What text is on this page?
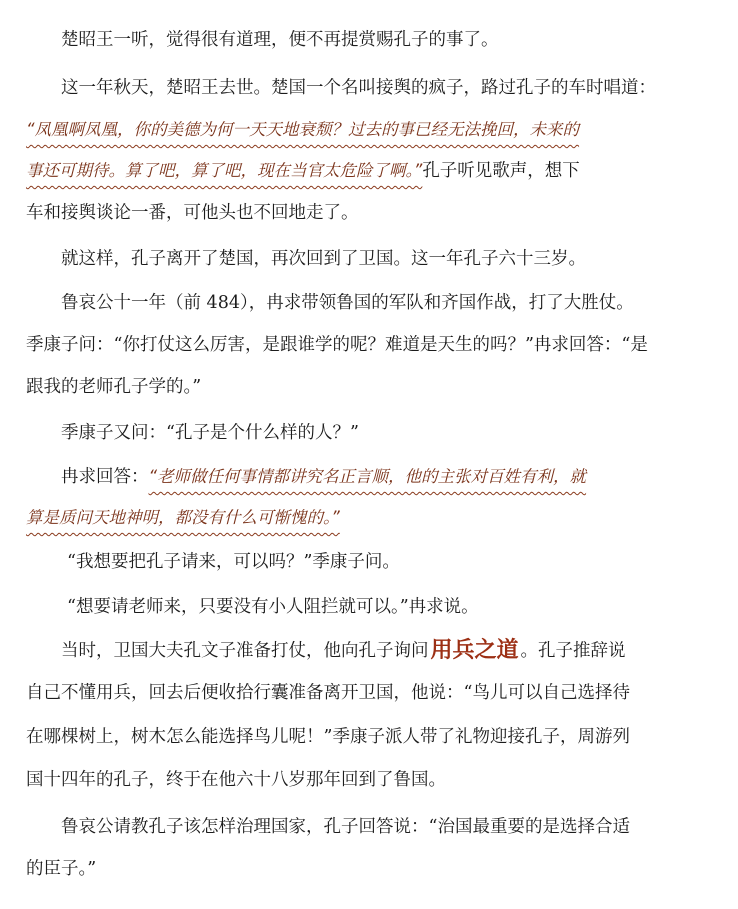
楚昭王一听，觉得很有道理，便不再提赏赐孔子的事了。
这一年秋天，楚昭王去世。楚国一个名叫接舆的疯子，路过孔子的车时唱道：
“凤凰啊凤凰，你的美德为何一天天地衰颓？过去的事已经无法挽回，未来的
事还可期待。算了吧，算了吧，现在当官太危险了啊。”孔子听见歌声，想下
车和接舆谈论一番，可他头也不回地走了。
就这样，孔子离开了楚国，再次回到了卫国。这一年孔子六十三岁。
鲁哀公十一年（前 484），冉求带领鲁国的军队和齐国作战，打了大胜仗。
季康子问：“你打仗这么厉害，是跟谁学的呢？难道是天生的吗？”冉求回答：“是
跟我的老师孔子学的。”
季康子又问：“孔子是个什么样的人？”
冉求回答：“老师做任何事情都讲究名正言顺，他的主张对百姓有利，就
算是质问天地神明，都没有什么可惭愧的。”
“我想要把孔子请来，可以吗？”季康子问。
“想要请老师来，只要没有小人阻拦就可以。”冉求说。
当时，卫国大夫孔文子准备打仗，他向孔子询问用兵之道 。孔子推辞说
自己不懂用兵，回去后便收拾行囊准备离开卫国，他说：“鸟儿可以自己选择待
在哪棵树上，树木怎么能选择鸟儿呢！”季康子派人带了礼物迎接孔子，周游列
国十四年的孔子，终于在他六十八岁那年回到了鲁国。
鲁哀公请教孔子该怎样治理国家，孔子回答说：“治国最重要的是选择合适
的臣子。”
